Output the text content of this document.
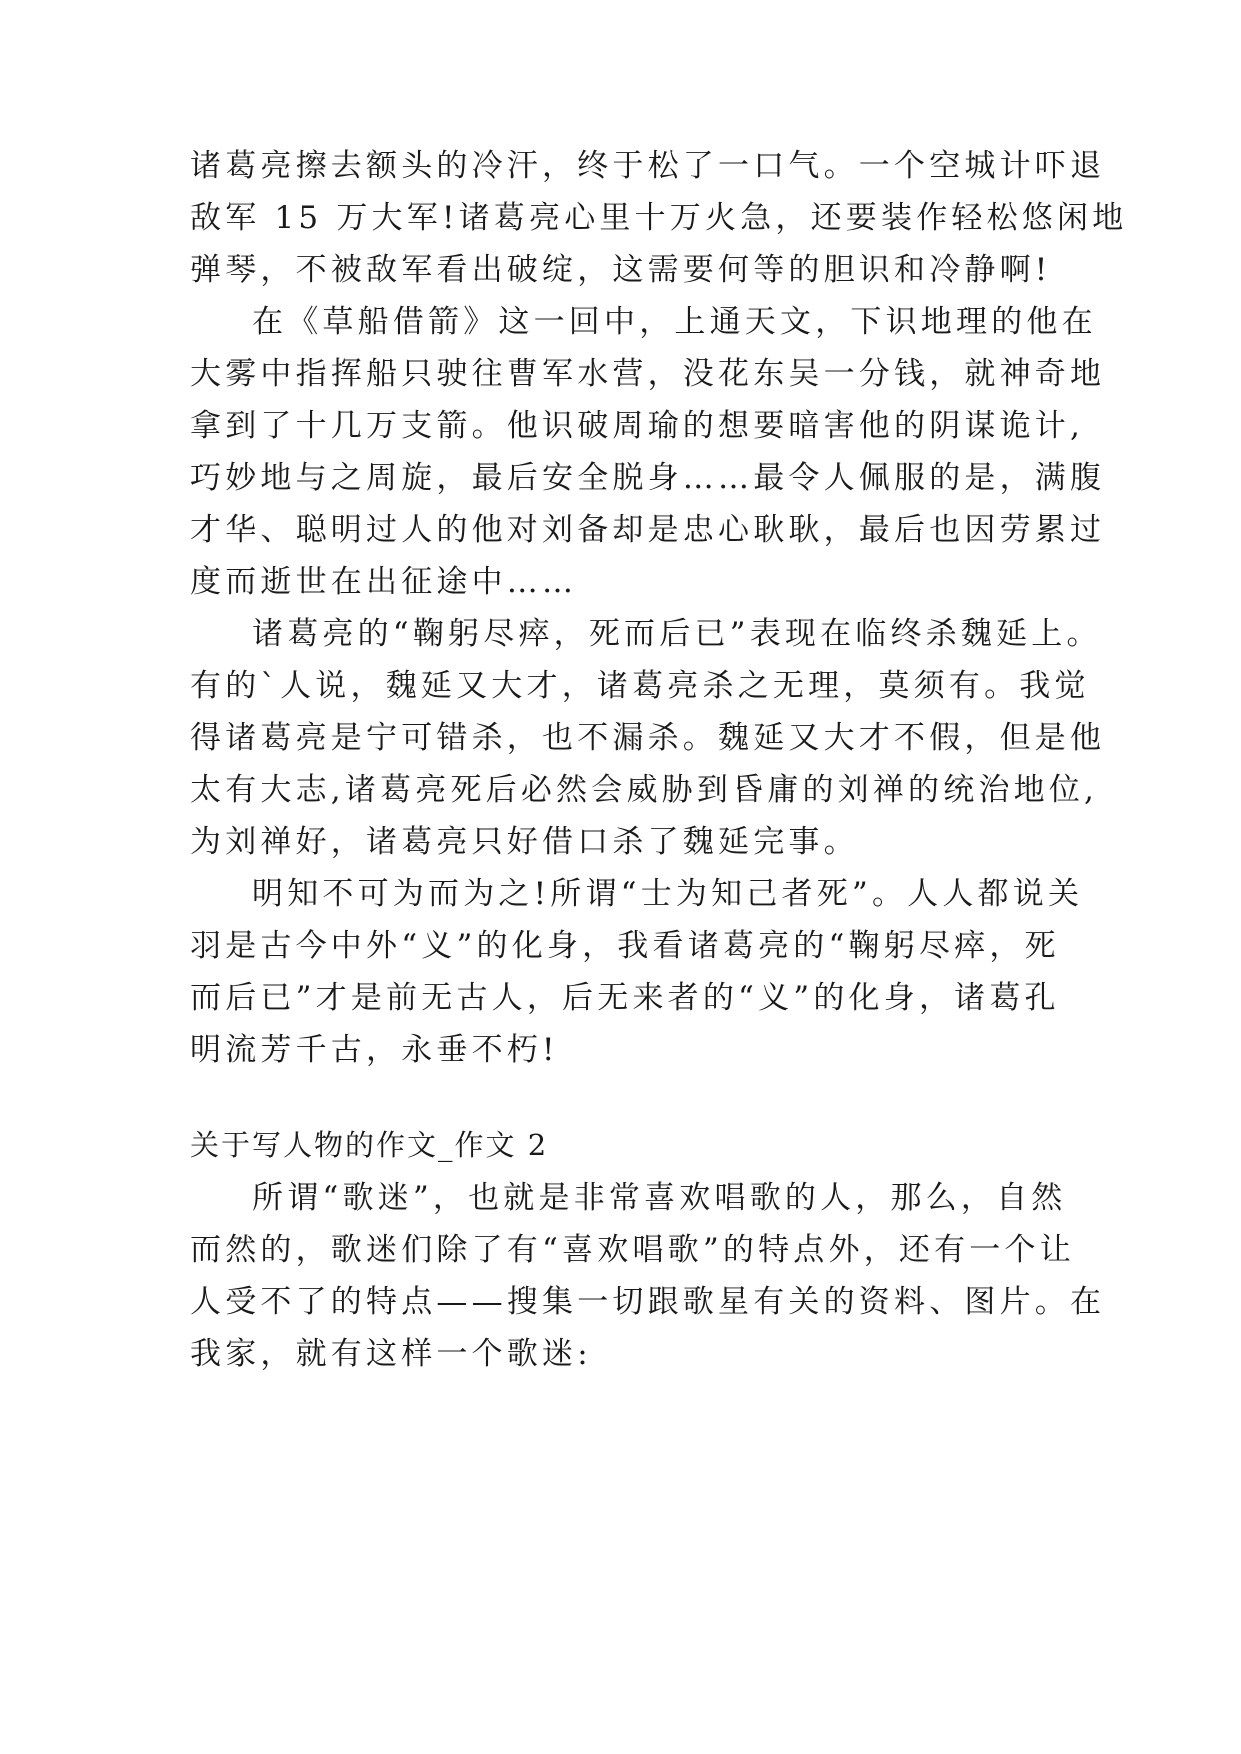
诸葛亮擦去额头的冷汗，终于松了一口气。一个空城计吓退
敌军 15 万大军!诸葛亮心里十万火急，还要装作轻松悠闲地
弹琴，不被敌军看出破绽，这需要何等的胆识和冷静啊!
在《草船借箭》这一回中，上通天文，下识地理的他在
大雾中指挥船只驶往曹军水营，没花东吴一分钱，就神奇地
拿到了十几万支箭。他识破周瑜的想要暗害他的阴谋诡计,
巧妙地与之周旋，最后安全脱身……最令人佩服的是，满腹
才华、聪明过人的他对刘备却是忠心耿耿，最后也因劳累过
度而逝世在出征途中……
诸葛亮的“鞠躬尽瘁，死而后已”表现在临终杀魏延上。
有的`人说，魏延又大才，诸葛亮杀之无理，莫须有。我觉
得诸葛亮是宁可错杀，也不漏杀。魏延又大才不假，但是他
太有大志,诸葛亮死后必然会威胁到昏庸的刘禅的统治地位,
为刘禅好，诸葛亮只好借口杀了魏延完事。
明知不可为而为之!所谓“士为知己者死”。人人都说关
羽是古今中外“义”的化身，我看诸葛亮的“鞠躬尽瘁，死
而后已”才是前无古人，后无来者的“义”的化身，诸葛孔
明流芳千古，永垂不朽!
关于写人物的作文_作文 2
所谓“歌迷”，也就是非常喜欢唱歌的人，那么，自然
而然的，歌迷们除了有“喜欢唱歌”的特点外，还有一个让
人受不了的特点——搜集一切跟歌星有关的资料、图片。在
我家，就有这样一个歌迷:
